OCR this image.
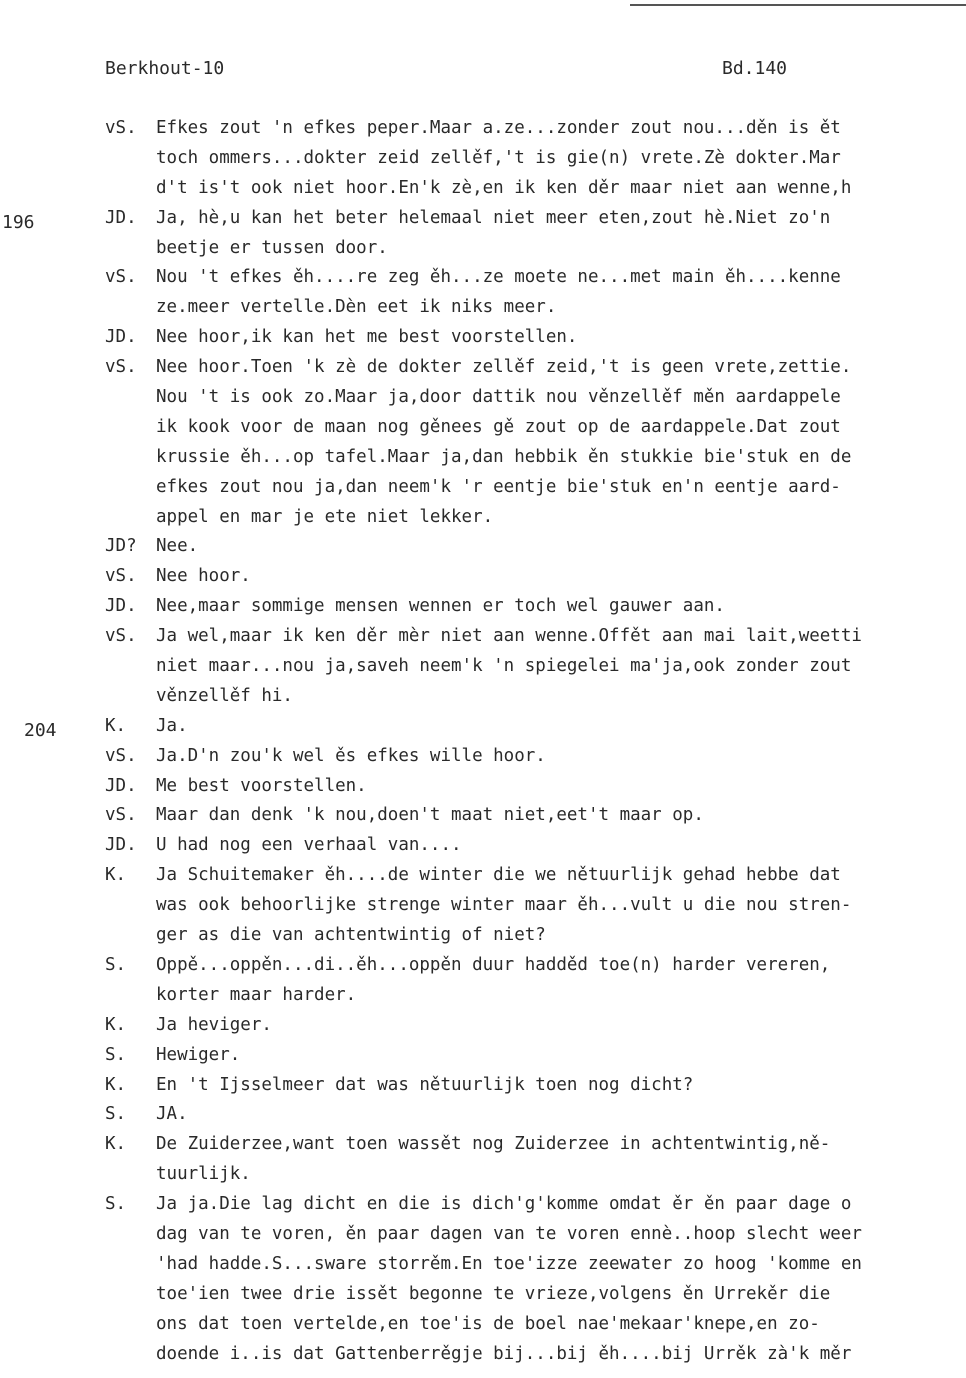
Berkhout-10	Bd.140
196
204
vS. Efkes zout 'n efkes peper.Maar a.ze...zonder zout nou...děn is ět
toch ommers...dokter zeid zellěf,'t is gie(n) vrete.Zè dokter.Mar
d't is't ook niet hoor.En'k zè,en ik ken děr maar niet aan wenne,h
JD. Ja, hè,u kan het beter helemaal niet meer eten,zout hè.Niet zo'n
beetje er tussen door.
vS. Nou 't efkes ěh....re zeg ěh...ze moete ne...met main ěh....kenne
ze.meer vertelle.Dèn eet ik niks meer.
JD. Nee hoor,ik kan het me best voorstellen.
vS. Nee hoor.Toen 'k zè de dokter zellěf zeid,'t is geen vrete,zettie.
Nou 't is ook zo.Maar ja,door dattik nou věnzellěf měn aardappele
ik kook voor de maan nog gěnees gě zout op de aardappele.Dat zout
krussie ěh...op tafel.Maar ja,dan hebbik ěn stukkie bie'stuk en de
efkes zout nou ja,dan neem'k 'r eentje bie'stuk en'n eentje aard-
appel en mar je ete niet lekker.
JD? Nee.
vS. Nee hoor.
JD. Nee,maar sommige mensen wennen er toch wel gauwer aan.
vS. Ja wel,maar ik ken děr mèr niet aan wenne.Offět aan mai lait,weetti
niet maar...nou ja,saveh neem'k 'n spiegelei ma'ja,ook zonder zout
věnzellěf hi.
K. Ja.
vS. Ja.D'n zou'k wel ěs efkes wille hoor.
JD. Me best voorstellen.
vS. Maar dan denk 'k nou,doen't maat niet,eet't maar op.
JD. U had nog een verhaal van....
K. Ja Schuitemaker ěh....de winter die we nětuurlijk gehad hebbe dat
was ook behoorlijke strenge winter maar ěh...vult u die nou stren-
ger as die van achtentwintig of niet?
S. Oppě...oppěn...di..ěh...oppěn duur hadděd toe(n) harder vereren,
korter maar harder.
K. Ja heviger.
S. Hewiger.
K. En 't Ijsselmeer dat was nětuurlijk toen nog dicht?
S. JA.
K. De Zuiderzee,want toen wassět nog Zuiderzee in achtentwintig,ně-
tuurlijk.
S. Ja ja.Die lag dicht en die is dich'g'komme omdat ěr ěn paar dage o
dag van te voren, ěn paar dagen van te voren ennè..hoop slecht weer
'had hadde.S...sware storrěm.En toe'izze zeewater zo hoog 'komme en
toe'ien twee drie issět begonne te vrieze,volgens ěn Urrekěr die
ons dat toen vertelde,en toe'is de boel nae'mekaar'knepe,en zo-
doende i..is dat Gattenberrěgje bij...bij ěh....bij Urrěk zà'k měr
